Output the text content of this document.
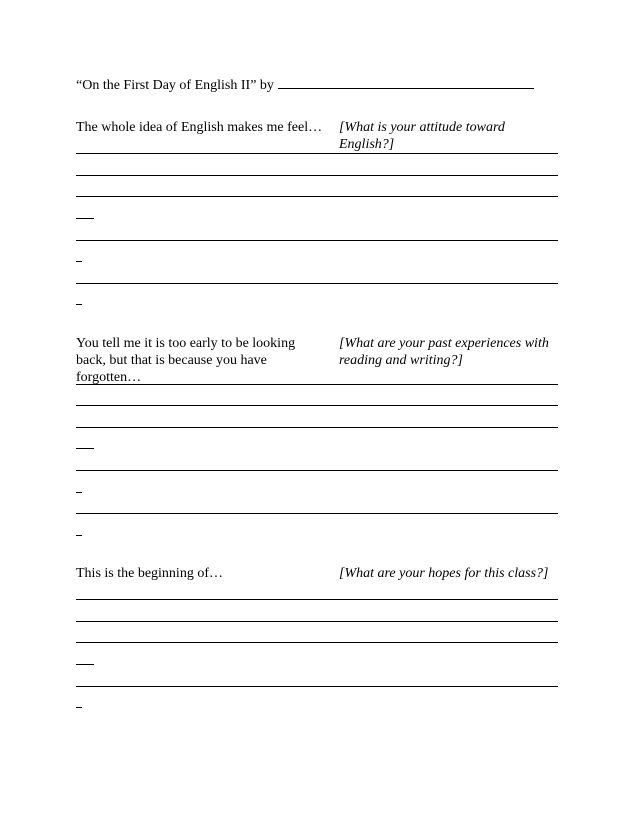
“On the First Day of English II” by
The whole idea of English makes me feel… [What is your attitude toward English?]
You tell me it is too early to be looking back, but that is because you have forgotten…
[What are your past experiences with reading and writing?]
This is the beginning of…	[What are your hopes for this class?]
